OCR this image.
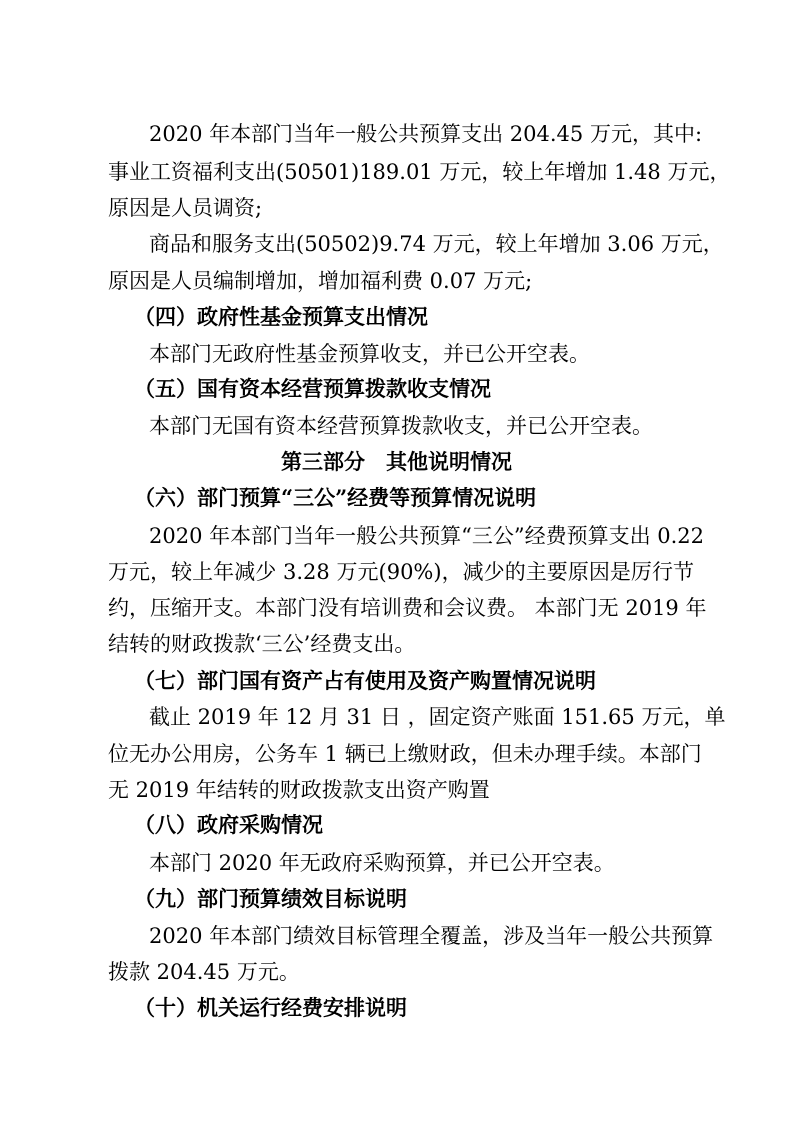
2020 年本部门当年一般公共预算支出 204.45 万元，其中:
事业工资福利支出(50501)189.01 万元，较上年增加 1.48 万元，
原因是人员调资;
商品和服务支出(50502)9.74 万元，较上年增加 3.06 万元，
原因是人员编制增加，增加福利费 0.07 万元;
（四）政府性基金预算支出情况
本部门无政府性基金预算收支，并已公开空表。
（五）国有资本经营预算拨款收支情况
本部门无国有资本经营预算拨款收支，并已公开空表。
第三部分　其他说明情况
（六）部门预算“三公”经费等预算情况说明
2020 年本部门当年一般公共预算“三公”经费预算支出 0.22
万元，较上年减少 3.28 万元(90%)，减少的主要原因是厉行节
约，压缩开支。本部门没有培训费和会议费。 本部门无 2019 年
结转的财政拨款‘三公’经费支出。
（七）部门国有资产占有使用及资产购置情况说明
截止 2019 年 12 月 31 日 ，固定资产账面 151.65 万元，单
位无办公用房，公务车 1 辆已上缴财政，但未办理手续。本部门
无 2019 年结转的财政拨款支出资产购置
（八）政府采购情况
本部门 2020 年无政府采购预算，并已公开空表。
（九）部门预算绩效目标说明
2020 年本部门绩效目标管理全覆盖，涉及当年一般公共预算
拨款 204.45 万元。
（十）机关运行经费安排说明
